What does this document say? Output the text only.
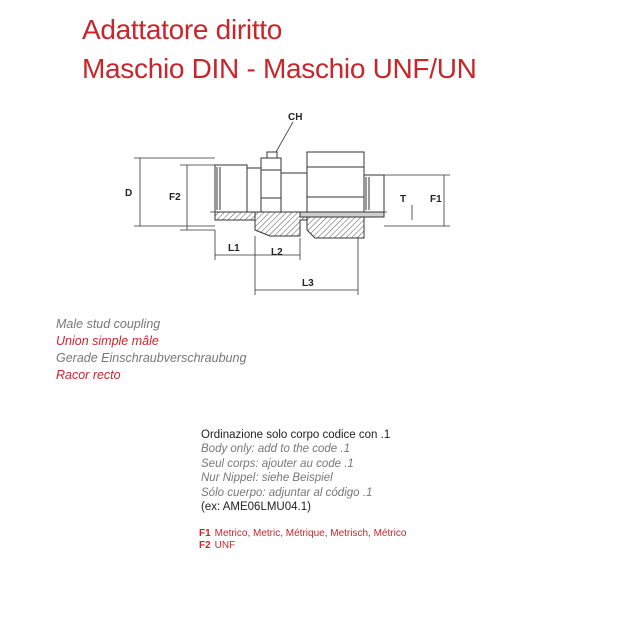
Adattatore diritto
Maschio DIN - Maschio UNF/UN
D	F2
CH
T F1
L1	L2
L3
Male stud coupling
Union simple mâle
Gerade Einschraubverschraubung
Racor recto
Ordinazione solo corpo codice con .1
Body only: add to the code .1
Seul corps: ajouter au code .1
Nur Nippel: siehe Beispiel
Sólo cuerpo: adjuntar al código .1
(ex: AME06LMU04.1)
F1 Metrico, Metric, Métrique, Metrisch, Métrico
F2 UNF
